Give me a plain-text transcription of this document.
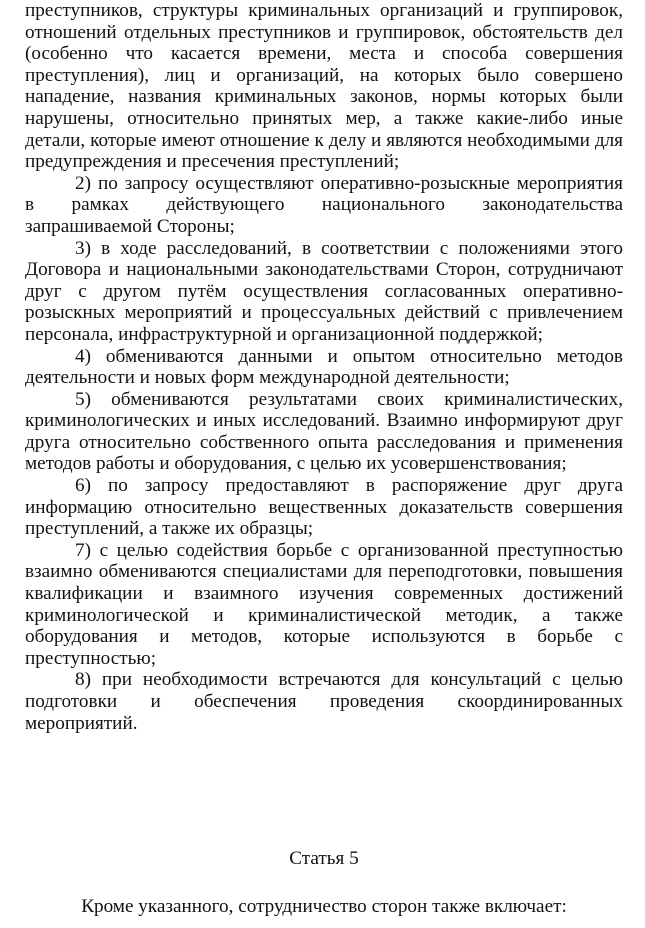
преступников, структуры криминальных организаций и группировок, отношений отдельных преступников и группировок, обстоятельств дел (особенно что касается времени, места и способа совершения преступления), лиц и организаций, на которых было совершено нападение, названия криминальных законов, нормы которых были нарушены, относительно принятых мер, а также какие-либо иные детали, которые имеют отношение к делу и являются необходимыми для предупреждения и пресечения преступлений;

2) по запросу осуществляют оперативно-розыскные мероприятия в рамках действующего национального законодательства запрашиваемой Стороны;

3) в ходе расследований, в соответствии с положениями этого Договора и национальными законодательствами Сторон, сотрудничают друг с другом путём осуществления согласованных оперативно-розыскных мероприятий и процессуальных действий с привлечением персонала, инфраструктурной и организационной поддержкой;

4) обмениваются данными и опытом относительно методов деятельности и новых форм международной деятельности;

5) обмениваются результатами своих криминалистических, криминологических и иных исследований. Взаимно информируют друг друга относительно собственного опыта расследования и применения методов работы и оборудования, с целью их усовершенствования;

6) по запросу предоставляют в распоряжение друг друга информацию относительно вещественных доказательств совершения преступлений, а также их образцы;

7) с целью содействия борьбе с организованной преступностью взаимно обмениваются специалистами для переподготовки, повышения квалификации и взаимного изучения современных достижений криминологической и криминалистической методик, а также оборудования и методов, которые используются в борьбе с преступностью;

8) при необходимости встречаются для консультаций с целью подготовки и обеспечения проведения скоординированных мероприятий.

Статья 5

Кроме указанного, сотрудничество сторон также включает:
